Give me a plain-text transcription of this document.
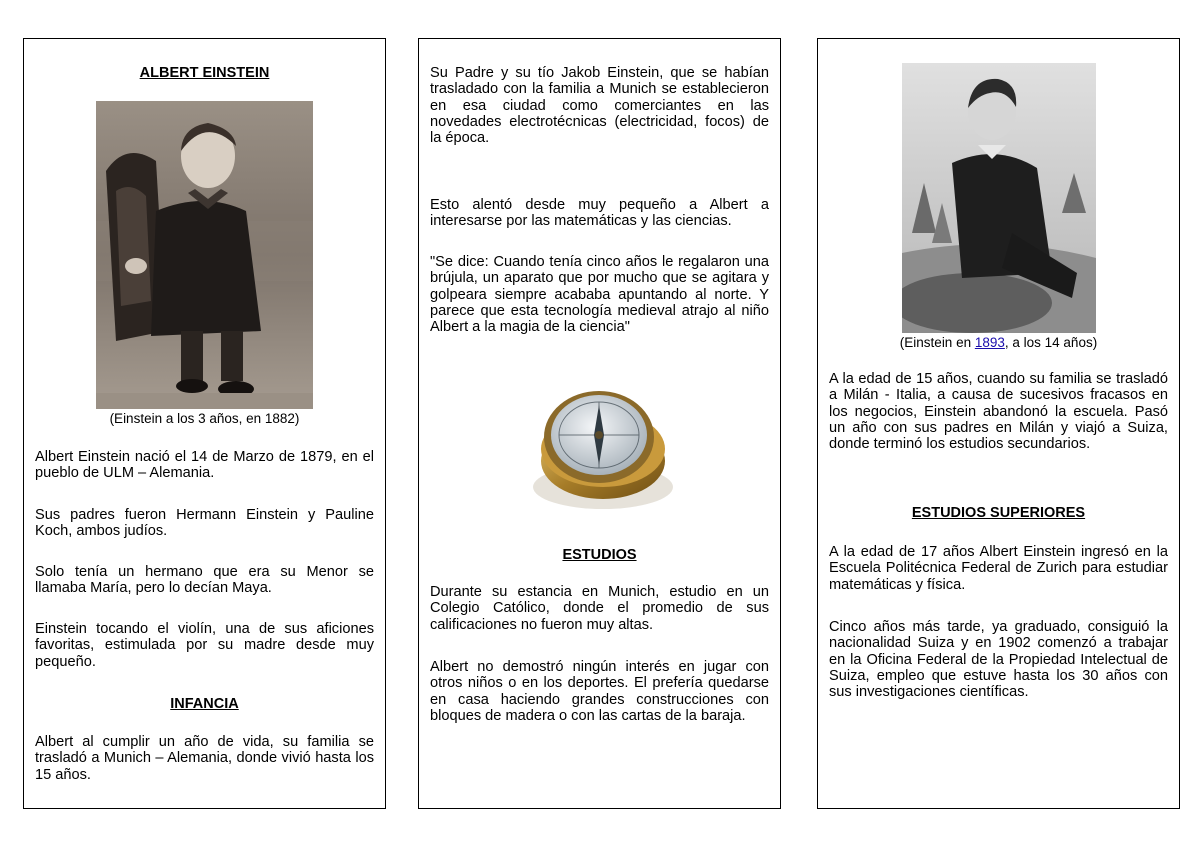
ALBERT EINSTEIN
(Einstein a los 3 años, en 1882)
Albert Einstein nació el 14 de Marzo de 1879, en el pueblo de ULM – Alemania.
Sus padres fueron Hermann Einstein y Pauline Koch, ambos judíos.
Solo tenía un hermano que era su Menor se llamaba María, pero lo decían Maya.
Einstein tocando el violín, una de sus aficiones favoritas, estimulada por su madre desde muy pequeño.
INFANCIA
Albert al cumplir un año de vida, su familia se trasladó a Munich – Alemania, donde vivió hasta los 15 años.
Su Padre y su tío Jakob Einstein, que se habían trasladado con la familia a Munich se establecieron en esa ciudad como comerciantes en las novedades electrotécnicas (electricidad, focos) de la época.
Esto alentó desde muy pequeño a Albert a interesarse por las matemáticas y las ciencias.
"Se dice: Cuando tenía cinco años le regalaron una brújula, un aparato que por mucho que se agitara y golpeara siempre acababa apuntando al norte. Y parece que esta tecnología medieval atrajo al niño Albert a la magia de la ciencia"
ESTUDIOS
Durante su estancia en Munich, estudio en un Colegio Católico, donde el promedio de sus calificaciones no fueron muy altas.
Albert no demostró ningún interés en jugar con otros niños o en los deportes. El prefería quedarse en casa haciendo grandes construcciones con bloques de madera o con las cartas de la baraja.
(Einstein en 1893, a los 14 años)
A la edad de 15 años, cuando su familia se trasladó a Milán - Italia, a causa de sucesivos fracasos en los negocios, Einstein abandonó la escuela. Pasó un año con sus padres en Milán y viajó a Suiza, donde terminó los estudios secundarios.
ESTUDIOS SUPERIORES
A la edad de 17 años Albert Einstein ingresó en la Escuela Politécnica Federal de Zurich para estudiar matemáticas y física.
Cinco años más tarde, ya graduado, consiguió la nacionalidad Suiza y en 1902 comenzó a trabajar en la Oficina Federal de la Propiedad Intelectual de Suiza, empleo que estuve hasta los 30 años con sus investigaciones científicas.
